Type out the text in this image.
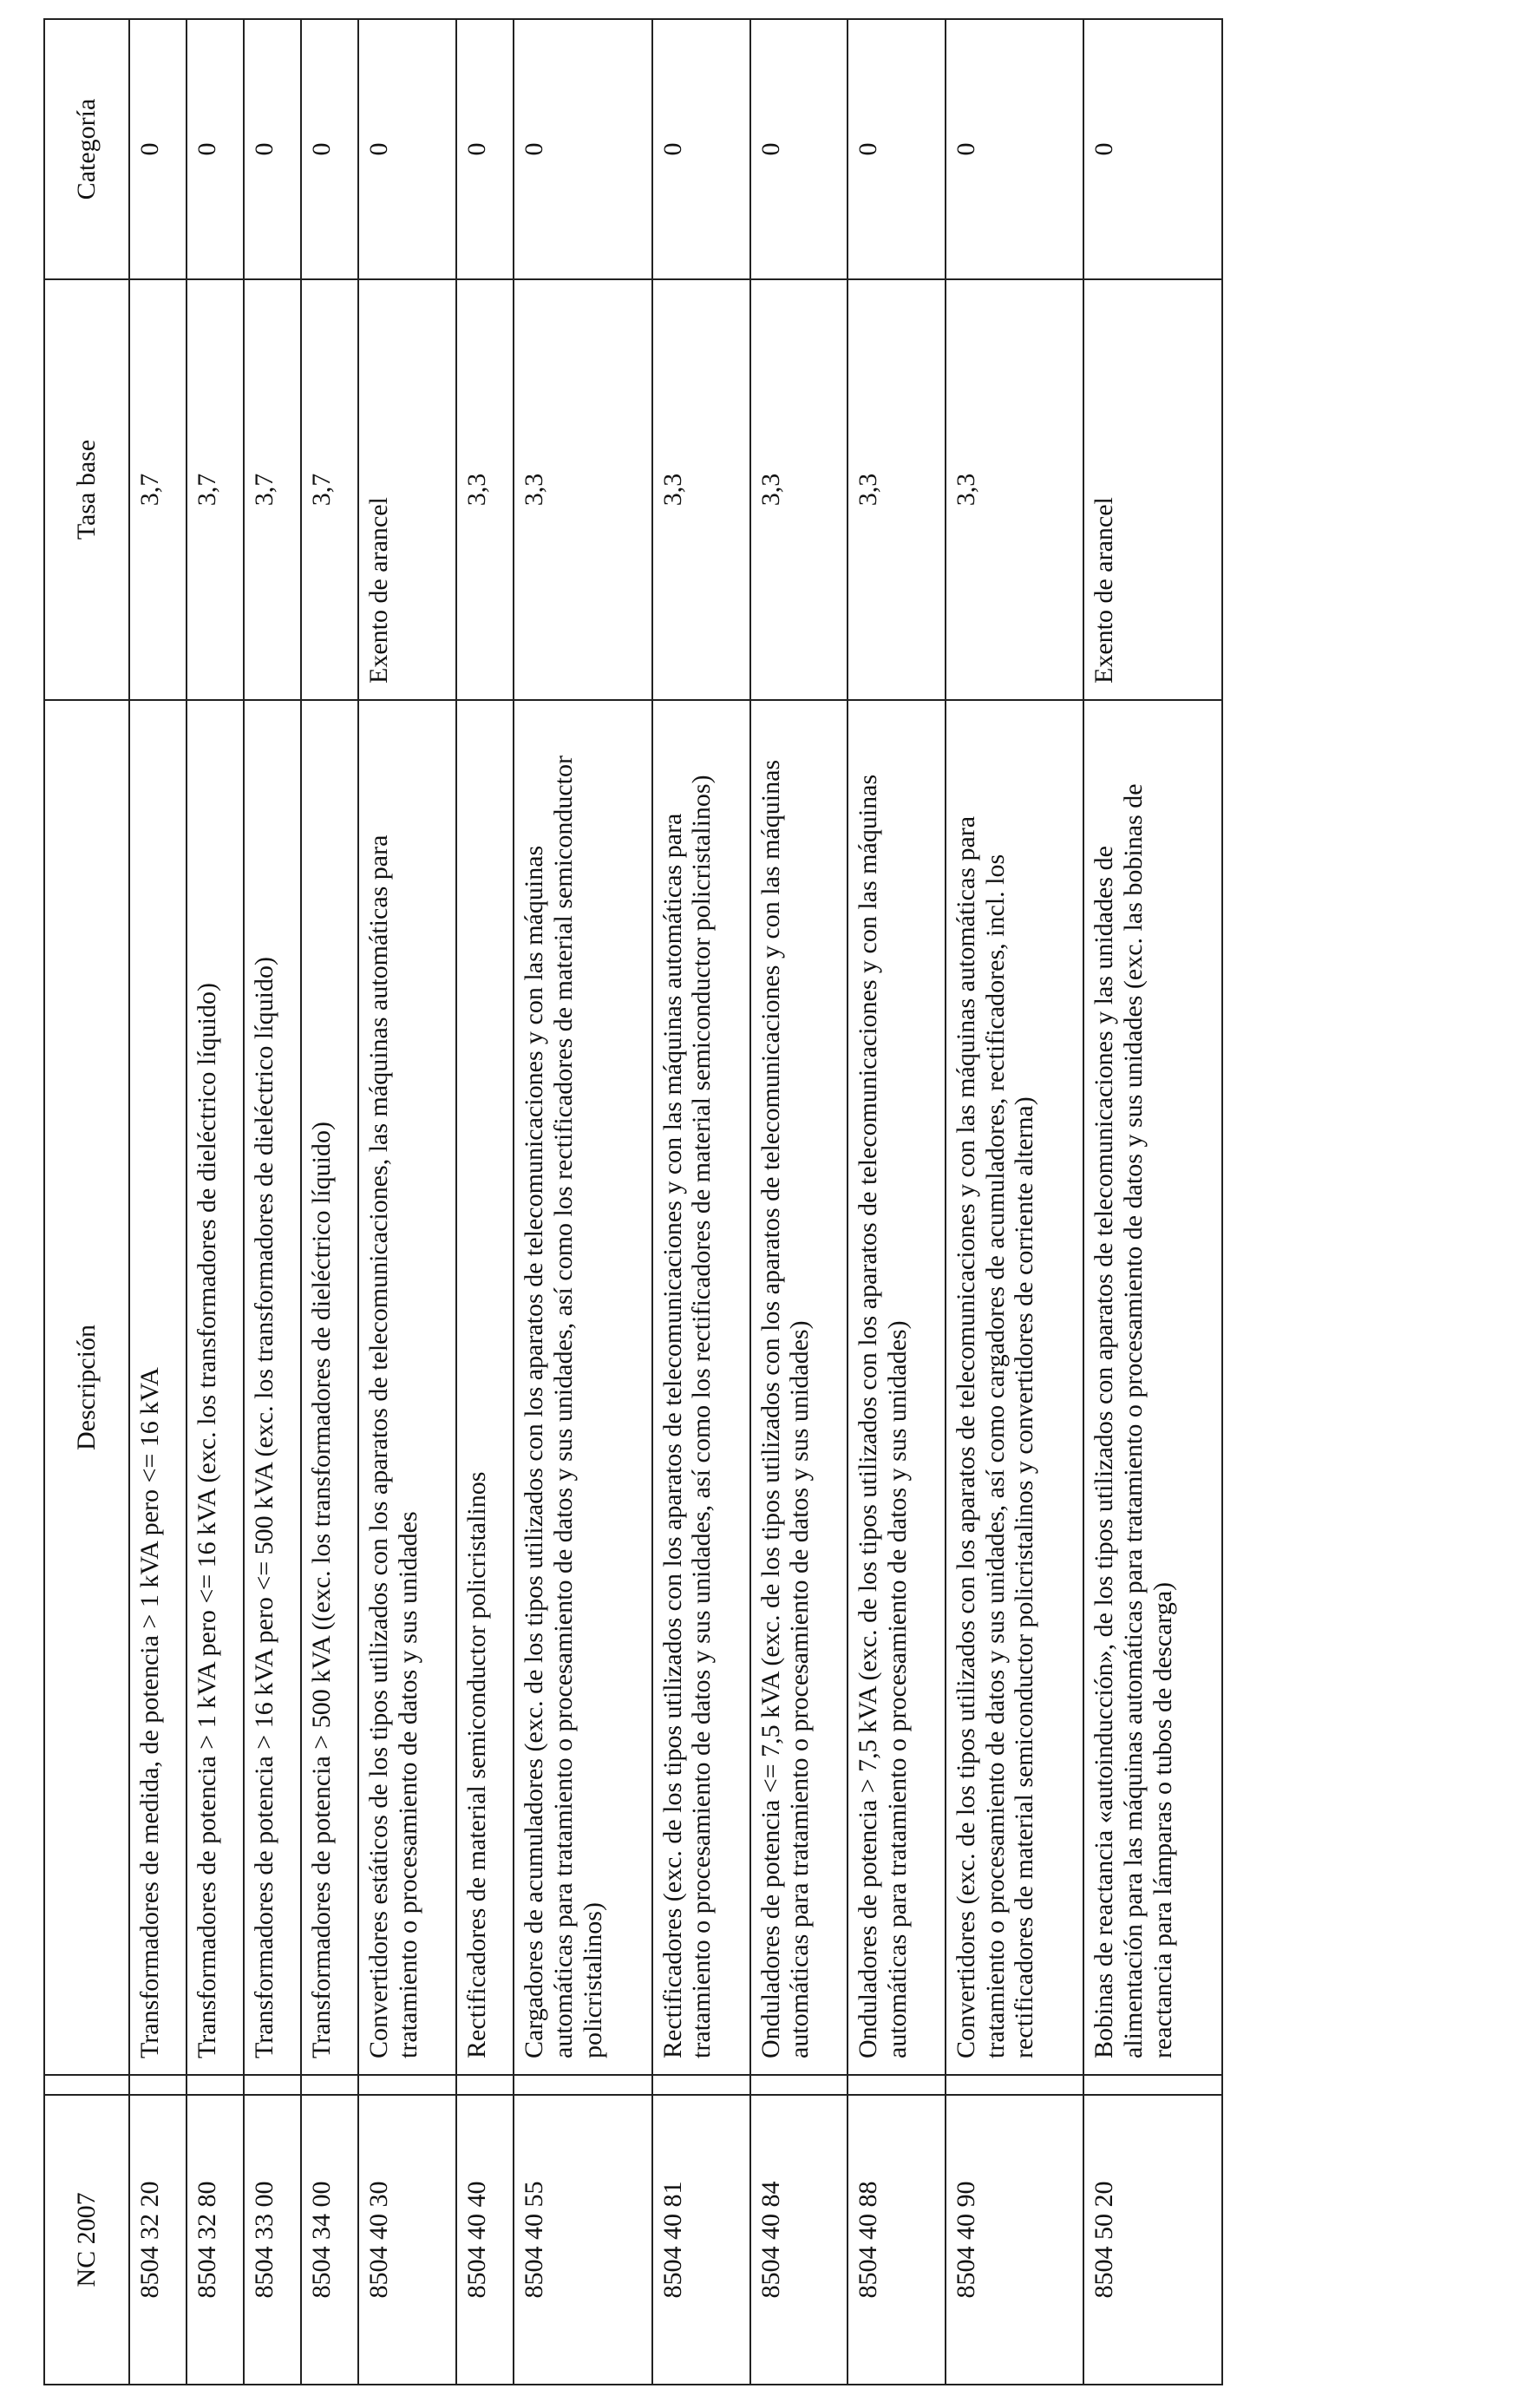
NC 2007		Descripción	Tasa base	Categoría
8504 32 20		Transformadores de medida, de potencia > 1 kVA pero <= 16 kVA	3,7	0
8504 32 80		Transformadores de potencia > 1 kVA pero <= 16 kVA (exc. los transformadores de dieléctrico líquido)	3,7	0
8504 33 00		Transformadores de potencia > 16 kVA pero <= 500 kVA (exc. los transformadores de dieléctrico líquido)	3,7	0
8504 34 00		Transformadores de potencia > 500 kVA ((exc. los transformadores de dieléctrico líquido)	3,7	0
8504 40 30		Convertidores estáticos de los tipos utilizados con los aparatos de telecomunicaciones, las máquinas automáticas para tratamiento o procesamiento de datos y sus unidades	Exento de arancel	0
8504 40 40		Rectificadores de material semiconductor policristalinos	3,3	0
8504 40 55		Cargadores de acumuladores (exc. de los tipos utilizados con los aparatos de telecomunicaciones y con las máquinas automáticas para tratamiento o procesamiento de datos y sus unidades, así como los rectificadores de material semiconductor policristalinos)	3,3	0
8504 40 81		Rectificadores (exc. de los tipos utilizados con los aparatos de telecomunicaciones y con las máquinas automáticas para tratamiento o procesamiento de datos y sus unidades, así como los rectificadores de material semiconductor policristalinos)	3,3	0
8504 40 84		Onduladores de potencia <= 7,5 kVA (exc. de los tipos utilizados con los aparatos de telecomunicaciones y con las máquinas automáticas para tratamiento o procesamiento de datos y sus unidades)	3,3	0
8504 40 88		Onduladores de potencia > 7,5 kVA (exc. de los tipos utilizados con los aparatos de telecomunicaciones y con las máquinas automáticas para tratamiento o procesamiento de datos y sus unidades)	3,3	0
8504 40 90		Convertidores (exc. de los tipos utilizados con los aparatos de telecomunicaciones y con las máquinas automáticas para tratamiento o procesamiento de datos y sus unidades, así como cargadores de acumuladores, rectificadores, incl. los rectificadores de material semiconductor policristalinos y convertidores de corriente alterna)	3,3	0
8504 50 20		Bobinas de reactancia «autoinducción», de los tipos utilizados con aparatos de telecomunicaciones y las unidades de alimentación para las máquinas automáticas para tratamiento o procesamiento de datos y sus unidades (exc. las bobinas de reactancia para lámparas o tubos de descarga)	Exento de arancel	0
